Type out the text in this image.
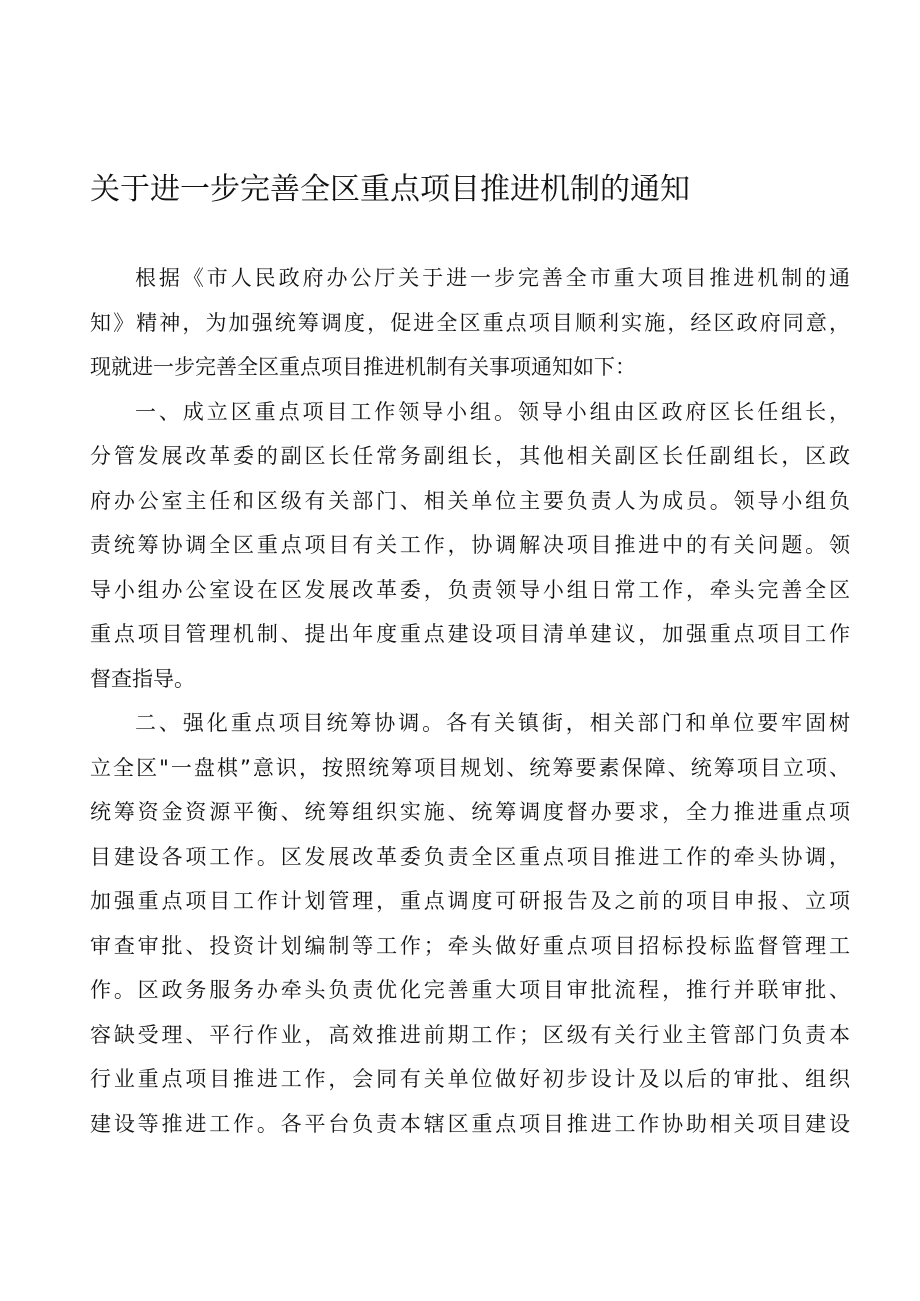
关于进一步完善全区重点项目推进机制的通知

根据《市人民政府办公厅关于进一步完善全市重大项目推进机制的通
知》精神，为加强统筹调度，促进全区重点项目顺利实施，经区政府同意，
现就进一步完善全区重点项目推进机制有关事项通知如下：

一、成立区重点项目工作领导小组。领导小组由区政府区长任组长，
分管发展改革委的副区长任常务副组长，其他相关副区长任副组长，区政
府办公室主任和区级有关部门、相关单位主要负责人为成员。领导小组负
责统筹协调全区重点项目有关工作，协调解决项目推进中的有关问题。领
导小组办公室设在区发展改革委，负责领导小组日常工作，牵头完善全区
重点项目管理机制、提出年度重点建设项目清单建议，加强重点项目工作
督查指导。

二、强化重点项目统筹协调。各有关镇街，相关部门和单位要牢固树
立全区"一盘棋”意识，按照统筹项目规划、统筹要素保障、统筹项目立项、
统筹资金资源平衡、统筹组织实施、统筹调度督办要求，全力推进重点项
目建设各项工作。区发展改革委负责全区重点项目推进工作的牵头协调，
加强重点项目工作计划管理，重点调度可研报告及之前的项目申报、立项
审查审批、投资计划编制等工作；牵头做好重点项目招标投标监督管理工
作。区政务服务办牵头负责优化完善重大项目审批流程，推行并联审批、
容缺受理、平行作业，高效推进前期工作；区级有关行业主管部门负责本
行业重点项目推进工作，会同有关单位做好初步设计及以后的审批、组织
建设等推进工作。各平台负责本辖区重点项目推进工作协助相关项目建设
